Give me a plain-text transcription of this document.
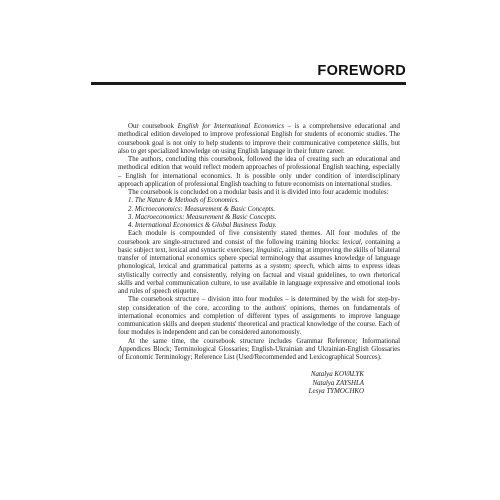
FOREWORD

Our coursebook English for International Economics – is a comprehensive educational and methodical edition developed to improve professional English for students of economic studies. The coursebook goal is not only to help students to improve their communicative competence skills, but also to get specialized knowledge on using English language in their future career.

The authors, concluding this coursebook, followed the idea of creating such an educational and methodical edition that would reflect modern approaches of professional English teaching, especially – English for international economics. It is possible only under condition of interdisciplinary approach application of professional English teaching to future economists on international studies.

The coursebook is concluded on a modular basis and it is divided into four academic modules:

1. The Nature & Methods of Economics.
2. Microeconomics: Measurement & Basic Concepts.
3. Macroeconomics: Measurement & Basic Concepts.
4. International Economics & Global Business Today.

Each module is compounded of five consistently stated themes. All four modules of the coursebook are single-structured and consist of the following training blocks: lexical, containing a basic subject text, lexical and syntactic exercises; linguistic, aiming at improving the skills of bilateral transfer of international economics sphere special terminology that assumes knowledge of language phonological, lexical and grammatical patterns as a system; speech, which aims to express ideas stylistically correctly and consistently, relying on factual and visual guidelines, to own rhetorical skills and verbal communication culture, to use available in language expressive and emotional tools and rules of speech etiquette.

The coursebook structure – division into four modules – is determined by the wish for step-by-step consideration of the core, according to the authors' opinions, themes on fundamentals of international economics and completion of different types of assignments to improve language communication skills and deepen students' theoretical and practical knowledge of the course. Each of four modules is independent and can be considered autonomously.

At the same time, the coursebook structure includes Grammar Reference; Informational Appendices Block; Terminological Glossaries; English-Ukrainian and Ukrainian-English Glossaries of Economic Terminology; Reference List (Used/Recommended and Lexicographical Sources).

Natalya KOVALYK
Natalya ZAYSHLA
Lesya TYMOCHKO
